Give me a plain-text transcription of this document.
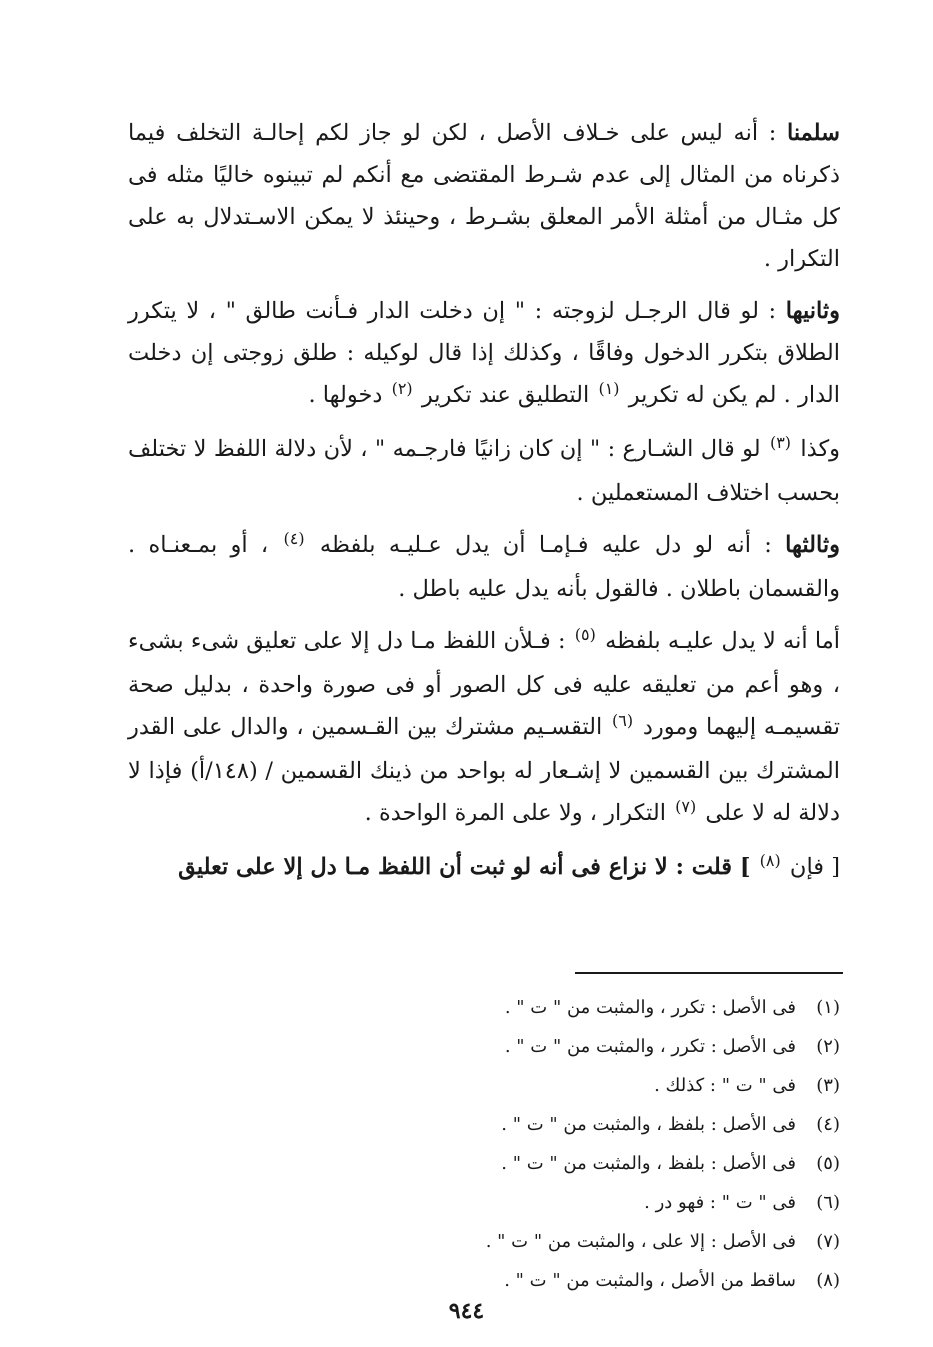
سلمنا : أنه ليس على خـلاف الأصل ، لكن لو جاز لكم إحالـة التخلف فيما ذكرناه من المثال إلى عدم شـرط المقتضى مع أنكم لم تبينوه خاليًا مثله فى كل مثـال من أمثلة الأمر المعلق بشـرط ، وحينئذ لا يمكن الاسـتدلال به على التكرار .

وثانيها : لو قال الرجـل لزوجته : " إن دخلت الدار فـأنت طالق " ، لا يتكرر الطلاق بتكرر الدخول وفاقًا ، وكذلك إذا قال لوكيله : طلق زوجتى إن دخلت الدار . لم يكن له تكرير $^{(١)}$ التطليق عند تكرير $^{(٢)}$ دخولها .

وكذا $^{(٣)}$ لو قال الشـارع : " إن كان زانيًا فارجـمه " ، لأن دلالة اللفظ لا تختلف بحسب اختلاف المستعملين .

وثالثها : أنه لو دل عليه فـإمـا أن يدل عـليـه بلفظه $^{(٤)}$ ، أو بمـعنـاه . والقسمان باطلان . فالقول بأنه يدل عليه باطل .

أما أنه لا يدل عليـه بلفظه $^{(٥)}$ : فـلأن اللفظ مـا دل إلا على تعليق شىء بشىء ، وهو أعم من تعليقه عليه فى كل الصور أو فى صورة واحدة ، بدليل صحة تقسيمـه إليهما ومورد $^{(٦)}$ التقسـيم مشترك بين القـسمين ، والدال على القدر المشترك بين القسمين لا إشـعار له بواحد من ذينك القسمين / (١٤٨/أ) فإذا لا دلالة له لا على $^{(٧)}$ التكرار ، ولا على المرة الواحدة .

[ فإن $^{(٨)}$ ] قلت : لا نزاع فى أنه لو ثبت أن اللفظ مـا دل إلا على تعليق

(١)
فى الأصل : تكرر ، والمثبت من " ت " .
(٢)
فى الأصل : تكرر ، والمثبت من " ت " .
(٣)
فى " ت " : كذلك .
(٤)
فى الأصل : بلفظ ، والمثبت من " ت " .
(٥)
فى الأصل : بلفظ ، والمثبت من " ت " .
(٦)
فى " ت " : فهو در .
(٧)
فى الأصل : إلا على ، والمثبت من " ت " .
(٨)
ساقط من الأصل ، والمثبت من " ت " .
٩٤٤
